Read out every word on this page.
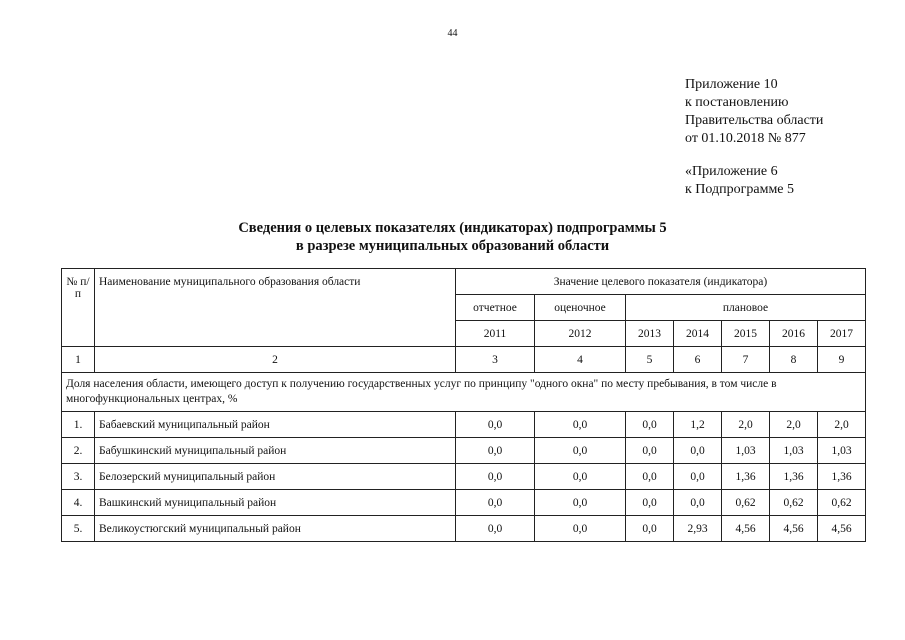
44
Приложение 10
к постановлению
Правительства области
от 01.10.2018 № 877
«Приложение 6
к Подпрограмме 5
Сведения о целевых показателях (индикаторах) подпрограммы 5
в разрезе муниципальных образований области
№ п/п	Наименование муниципального образования области	Значение целевого показателя (индикатора)						
		отчетное	оценочное	плановое				
		2011	2012	2013	2014	2015	2016	2017
1	2	3	4	5	6	7	8	9
Доля населения области, имеющего доступ к получению государственных услуг по принципу "одного окна" по месту пребывания, в том числе в многофункциональных центрах, %								
1.	Бабаевский муниципальный район	0,0	0,0	0,0	1,2	2,0	2,0	2,0
2.	Бабушкинский муниципальный район	0,0	0,0	0,0	0,0	1,03	1,03	1,03
3.	Белозерский муниципальный район	0,0	0,0	0,0	0,0	1,36	1,36	1,36
4.	Вашкинский муниципальный район	0,0	0,0	0,0	0,0	0,62	0,62	0,62
5.	Великоустюгский муниципальный район	0,0	0,0	0,0	2,93	4,56	4,56	4,56
